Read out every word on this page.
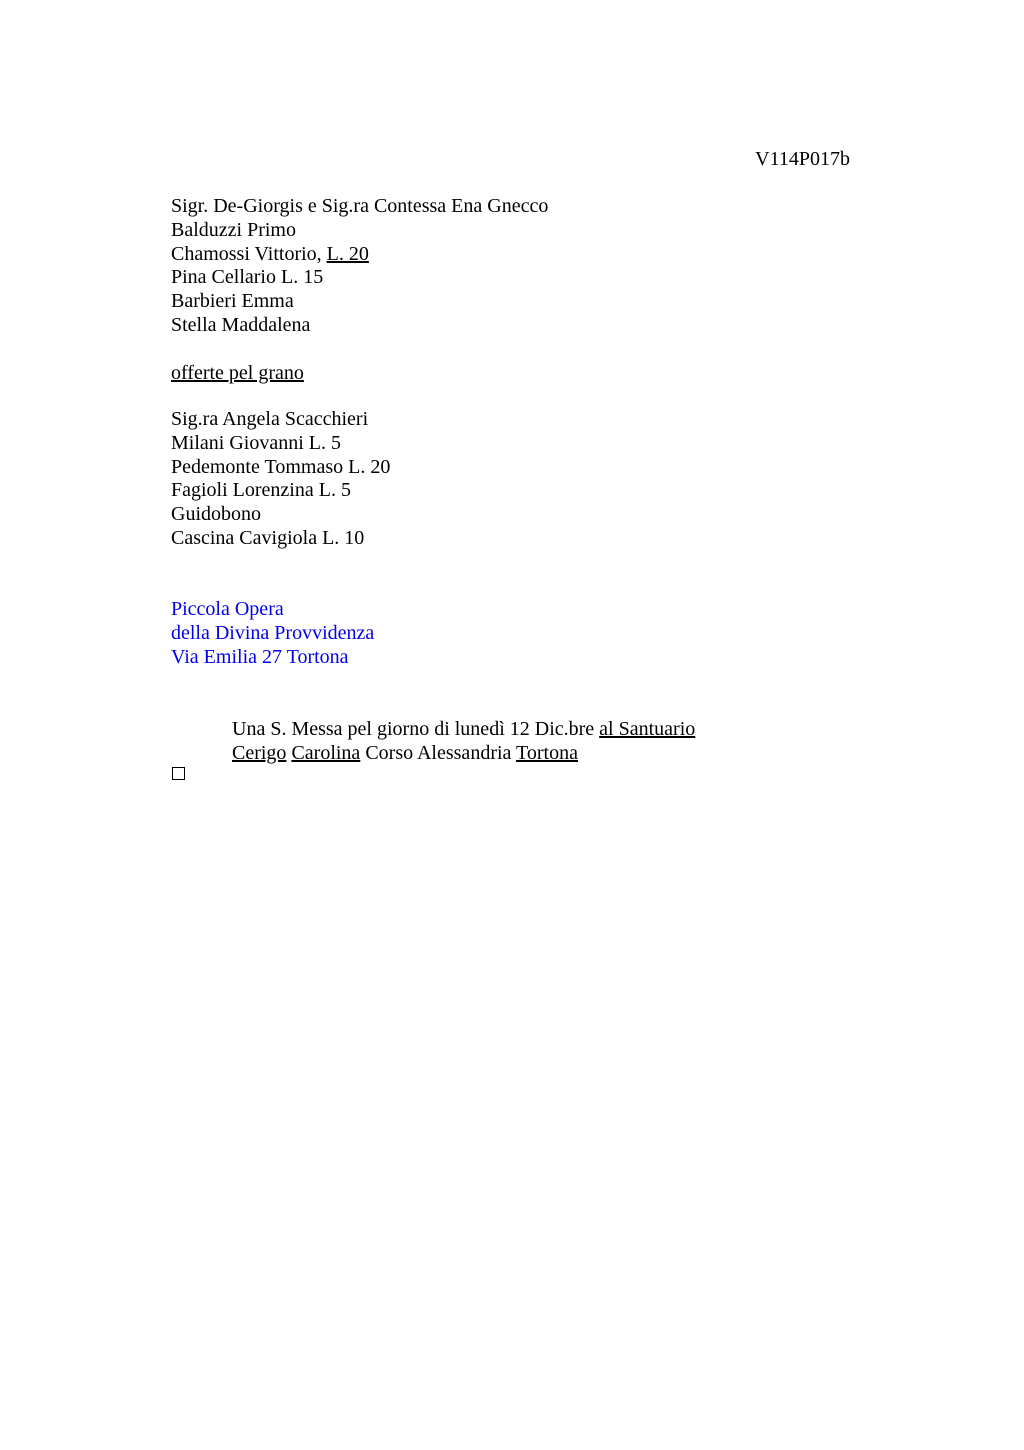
V114P017b
Sigr. De-Giorgis e Sig.ra Contessa Ena Gnecco
Balduzzi Primo
Chamossi Vittorio, L. 20
Pina Cellario L. 15
Barbieri Emma
Stella Maddalena
offerte pel grano
Sig.ra Angela Scacchieri
Milani Giovanni L. 5
Pedemonte Tommaso L. 20
Fagioli Lorenzina L. 5
Guidobono
Cascina Cavigiola L. 10
Piccola Opera
della Divina Provvidenza
Via Emilia 27 Tortona
Una S. Messa pel giorno di lunedì 12 Dic.bre al Santuario
Cerigo Carolina Corso Alessandria Tortona
